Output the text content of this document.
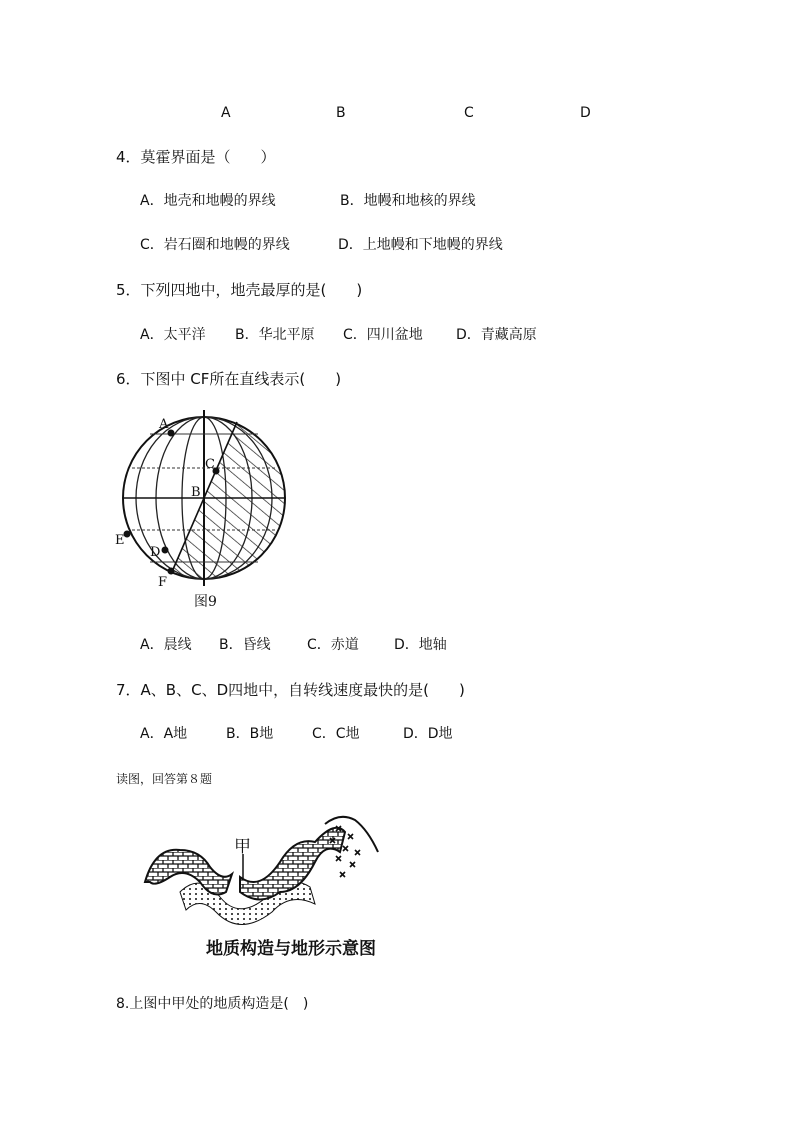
A	B	C	D
4．莫霍界面是（　　）
A．地壳和地幔的界线	B．地幔和地核的界线
C．岩石圈和地幔的界线	D．上地幔和下地幔的界线
5．下列四地中，地壳最厚的是(　　)
A．太平洋 B．华北平原 C．四川盆地 D．青藏高原
6．下图中 CF所在直线表示(　　)
A
B
C
D
E
F
图9
A．晨线 B．昏线	C．赤道	D．地轴
7．A、B、C、D四地中，自转线速度最快的是(　　)
A．A地	B．B地	C．C地	D．D地
读图，回答第８题
甲
地质构造与地形示意图
8.上图中甲处的地质构造是(　)
